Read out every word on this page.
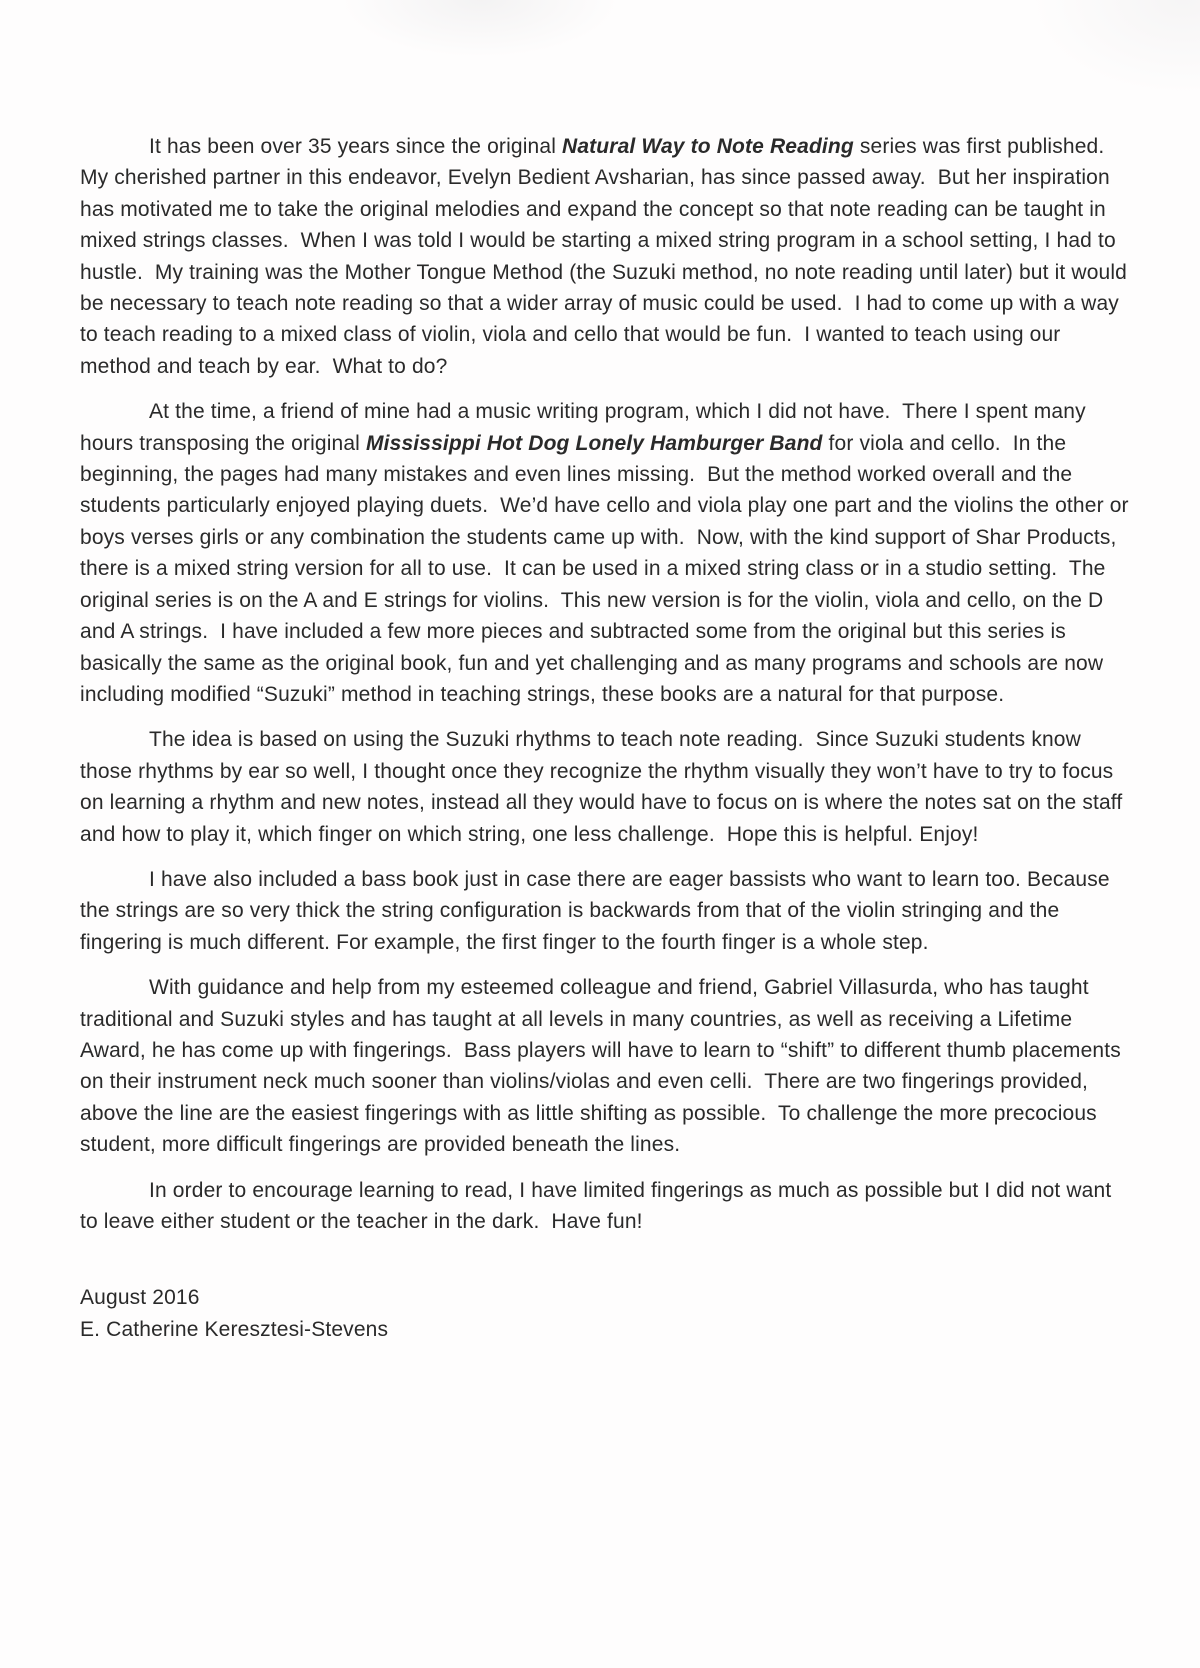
It has been over 35 years since the original Natural Way to Note Reading series was first published.  My cherished partner in this endeavor, Evelyn Bedient Avsharian, has since passed away.  But her inspiration has motivated me to take the original melodies and expand the concept so that note reading can be taught in mixed strings classes.  When I was told I would be starting a mixed string program in a school setting, I had to hustle.  My training was the Mother Tongue Method (the Suzuki method, no note reading until later) but it would be necessary to teach note reading so that a wider array of music could be used.  I had to come up with a way to teach reading to a mixed class of violin, viola and cello that would be fun.  I wanted to teach using our method and teach by ear.  What to do?

At the time, a friend of mine had a music writing program, which I did not have.  There I spent many hours transposing the original Mississippi Hot Dog Lonely Hamburger Band for viola and cello.  In the beginning, the pages had many mistakes and even lines missing.  But the method worked overall and the students particularly enjoyed playing duets.  We’d have cello and viola play one part and the violins the other or boys verses girls or any combination the students came up with.  Now, with the kind support of Shar Products, there is a mixed string version for all to use.  It can be used in a mixed string class or in a studio setting.  The original series is on the A and E strings for violins.  This new version is for the violin, viola and cello, on the D and A strings.  I have included a few more pieces and subtracted some from the original but this series is basically the same as the original book, fun and yet challenging and as many programs and schools are now including modified “Suzuki” method in teaching strings, these books are a natural for that purpose.

The idea is based on using the Suzuki rhythms to teach note reading.  Since Suzuki students know those rhythms by ear so well, I thought once they recognize the rhythm visually they won’t have to try to focus on learning a rhythm and new notes, instead all they would have to focus on is where the notes sat on the staff and how to play it, which finger on which string, one less challenge.  Hope this is helpful. Enjoy!

I have also included a bass book just in case there are eager bassists who want to learn too. Because the strings are so very thick the string configuration is backwards from that of the violin stringing and the fingering is much different. For example, the first finger to the fourth finger is a whole step.

With guidance and help from my esteemed colleague and friend, Gabriel Villasurda, who has taught traditional and Suzuki styles and has taught at all levels in many countries, as well as receiving a Lifetime Award, he has come up with fingerings.  Bass players will have to learn to “shift” to different thumb placements on their instrument neck much sooner than violins/violas and even celli.  There are two fingerings provided, above the line are the easiest fingerings with as little shifting as possible.  To challenge the more precocious student, more difficult fingerings are provided beneath the lines.

In order to encourage learning to read, I have limited fingerings as much as possible but I did not want to leave either student or the teacher in the dark.  Have fun!

August 2016
E. Catherine Keresztesi-Stevens
